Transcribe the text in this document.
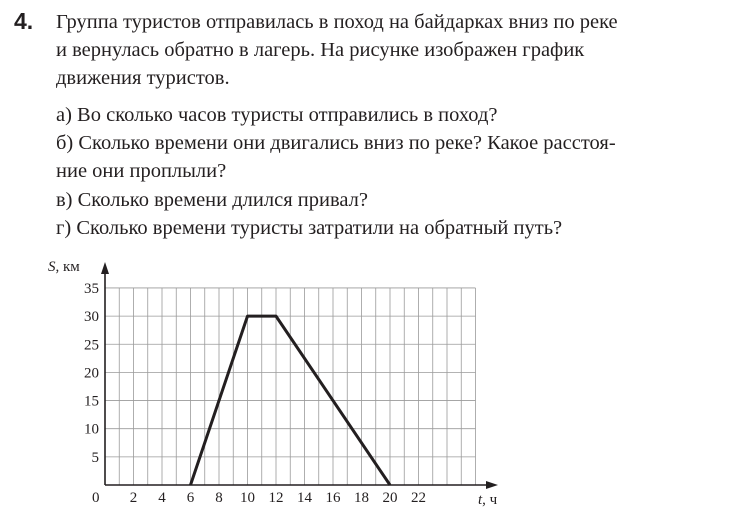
4. Группа туристов отправилась в поход на байдарках вниз по реке
и вернулась обратно в лагерь. На рисунке изображен график
движения туристов.
а) Во сколько часов туристы отправились в поход?
б) Сколько времени они двигались вниз по реке? Какое расстоя-
ние они проплыли?
в) Сколько времени длился привал?
г) Сколько времени туристы затратили на обратный путь?
2 4 6 8 10 12 14 16 18 20 22
5
10
15
20
25
30
35
S, км
t, ч
0
